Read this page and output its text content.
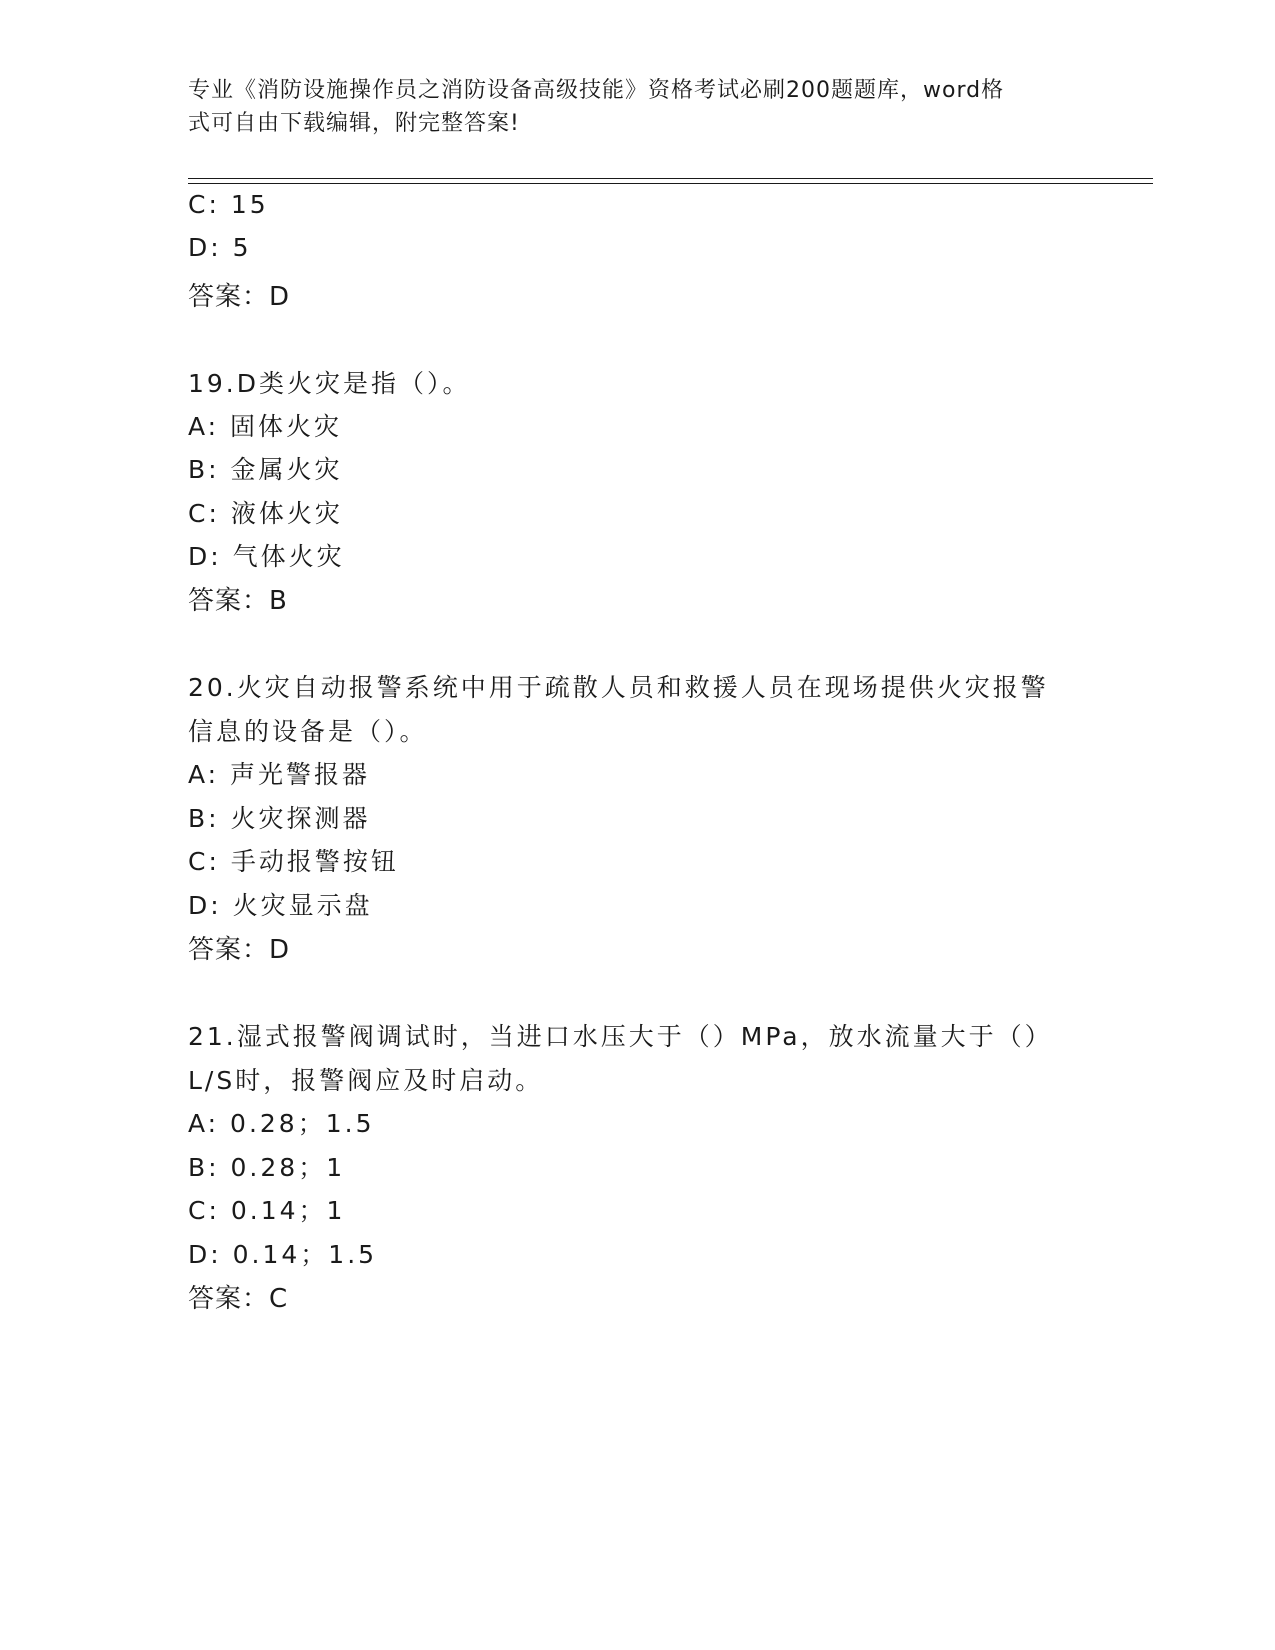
专业《消防设施操作员之消防设备高级技能》资格考试必刷200题题库，word格
式可自由下载编辑，附完整答案!
C: 15
D: 5
答案：D
19.D类火灾是指（）。
A: 固体火灾
B: 金属火灾
C: 液体火灾
D: 气体火灾
答案：B
20.火灾自动报警系统中用于疏散人员和救援人员在现场提供火灾报警
信息的设备是（）。
A: 声光警报器
B: 火灾探测器
C: 手动报警按钮
D: 火灾显示盘
答案：D
21.湿式报警阀调试时，当进口水压大于（）MPa，放水流量大于（）
L/S时，报警阀应及时启动。
A: 0.28；1.5
B: 0.28；1
C: 0.14；1
D: 0.14；1.5
答案：C
